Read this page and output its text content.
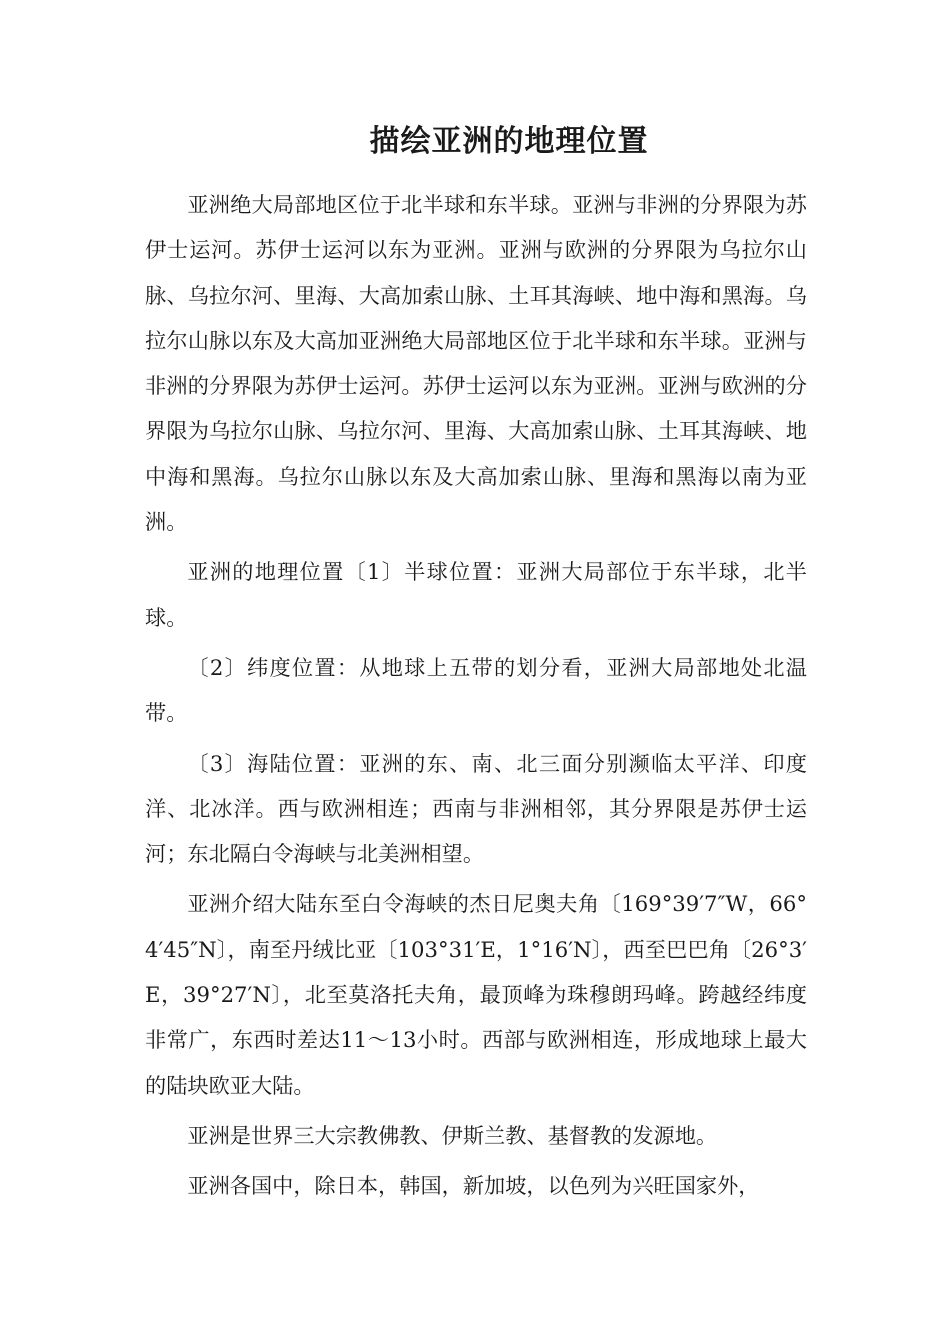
描绘亚洲的地理位置

亚洲绝大局部地区位于北半球和东半球。亚洲与非洲的分界限为苏伊士运河。苏伊士运河以东为亚洲。亚洲与欧洲的分界限为乌拉尔山脉、乌拉尔河、里海、大高加索山脉、土耳其海峡、地中海和黑海。乌拉尔山脉以东及大高加亚洲绝大局部地区位于北半球和东半球。亚洲与非洲的分界限为苏伊士运河。苏伊士运河以东为亚洲。亚洲与欧洲的分界限为乌拉尔山脉、乌拉尔河、里海、大高加索山脉、土耳其海峡、地中海和黑海。乌拉尔山脉以东及大高加索山脉、里海和黑海以南为亚洲。

亚洲的地理位置〔1〕半球位置：亚洲大局部位于东半球，北半球。

〔2〕纬度位置：从地球上五带的划分看，亚洲大局部地处北温带。

〔3〕海陆位置：亚洲的东、南、北三面分别濒临太平洋、印度洋、北冰洋。西与欧洲相连；西南与非洲相邻，其分界限是苏伊士运河；东北隔白令海峡与北美洲相望。

亚洲介绍大陆东至白令海峡的杰日尼奥夫角〔169°39′7″W，66°4′45″N〕，南至丹绒比亚〔103°31′E，1°16′N〕，西至巴巴角〔26°3′E，39°27′N〕，北至莫洛托夫角，最顶峰为珠穆朗玛峰。跨越经纬度非常广，东西时差达11～13小时。西部与欧洲相连，形成地球上最大的陆块欧亚大陆。

亚洲是世界三大宗教佛教、伊斯兰教、基督教的发源地。

亚洲各国中，除日本，韩国，新加坡，以色列为兴旺国家外，
